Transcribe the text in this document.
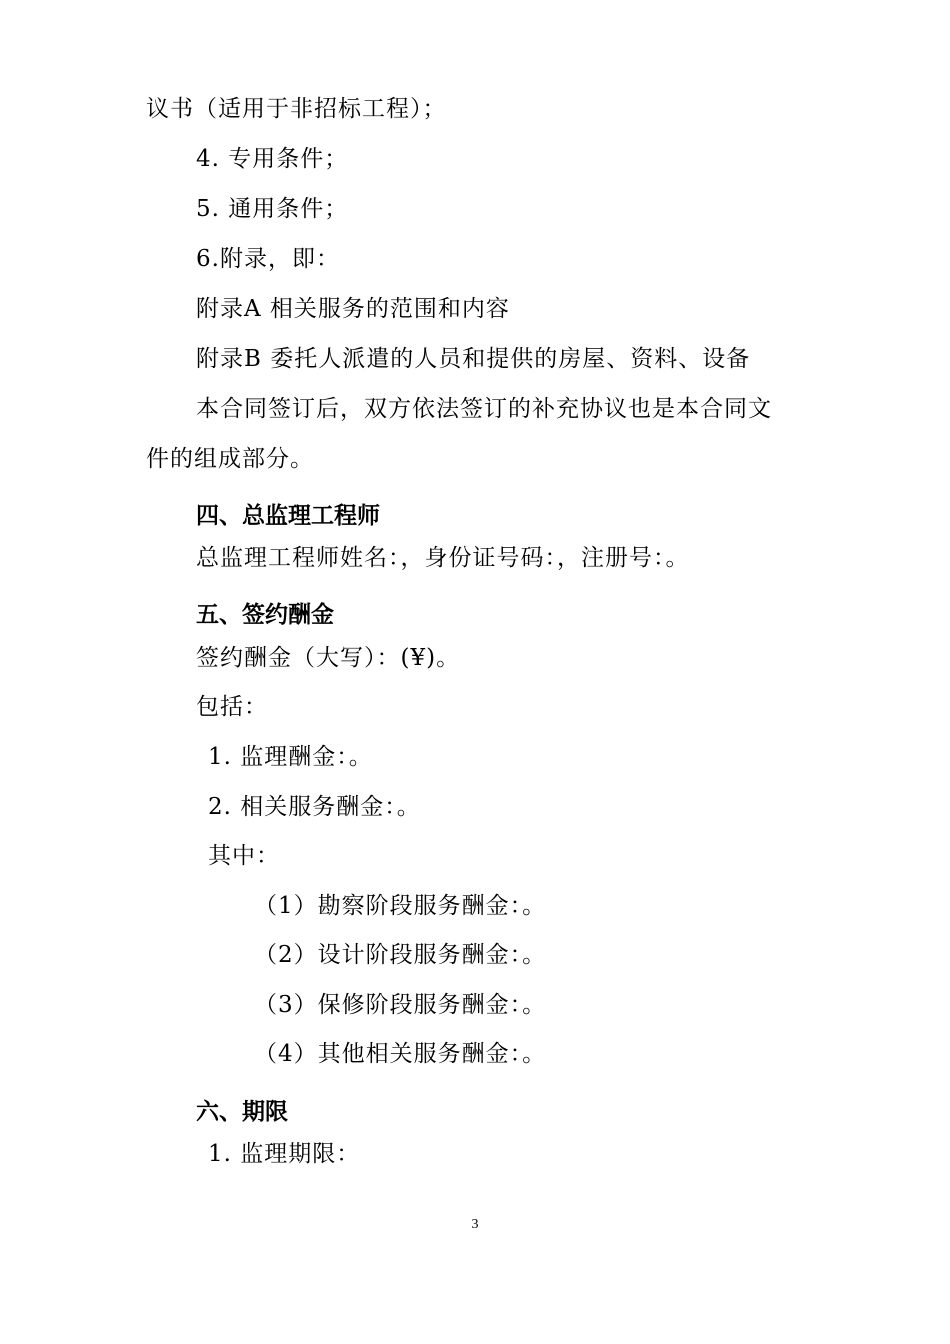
议书（适用于非招标工程）；
4. 专用条件；
5. 通用条件；
6.附录，即：
附录A 相关服务的范围和内容
附录B 委托人派遣的人员和提供的房屋、资料、设备
本合同签订后，双方依法签订的补充协议也是本合同文
件的组成部分。
四、总监理工程师
总监理工程师姓名：，身份证号码：，注册号：。
五、签约酬金
签约酬金（大写）：(¥)。
包括：
1. 监理酬金：。
2. 相关服务酬金：。
其中：
（1）勘察阶段服务酬金：。
（2）设计阶段服务酬金：。
（3）保修阶段服务酬金：。
（4）其他相关服务酬金：。
六、期限
1. 监理期限：
3
